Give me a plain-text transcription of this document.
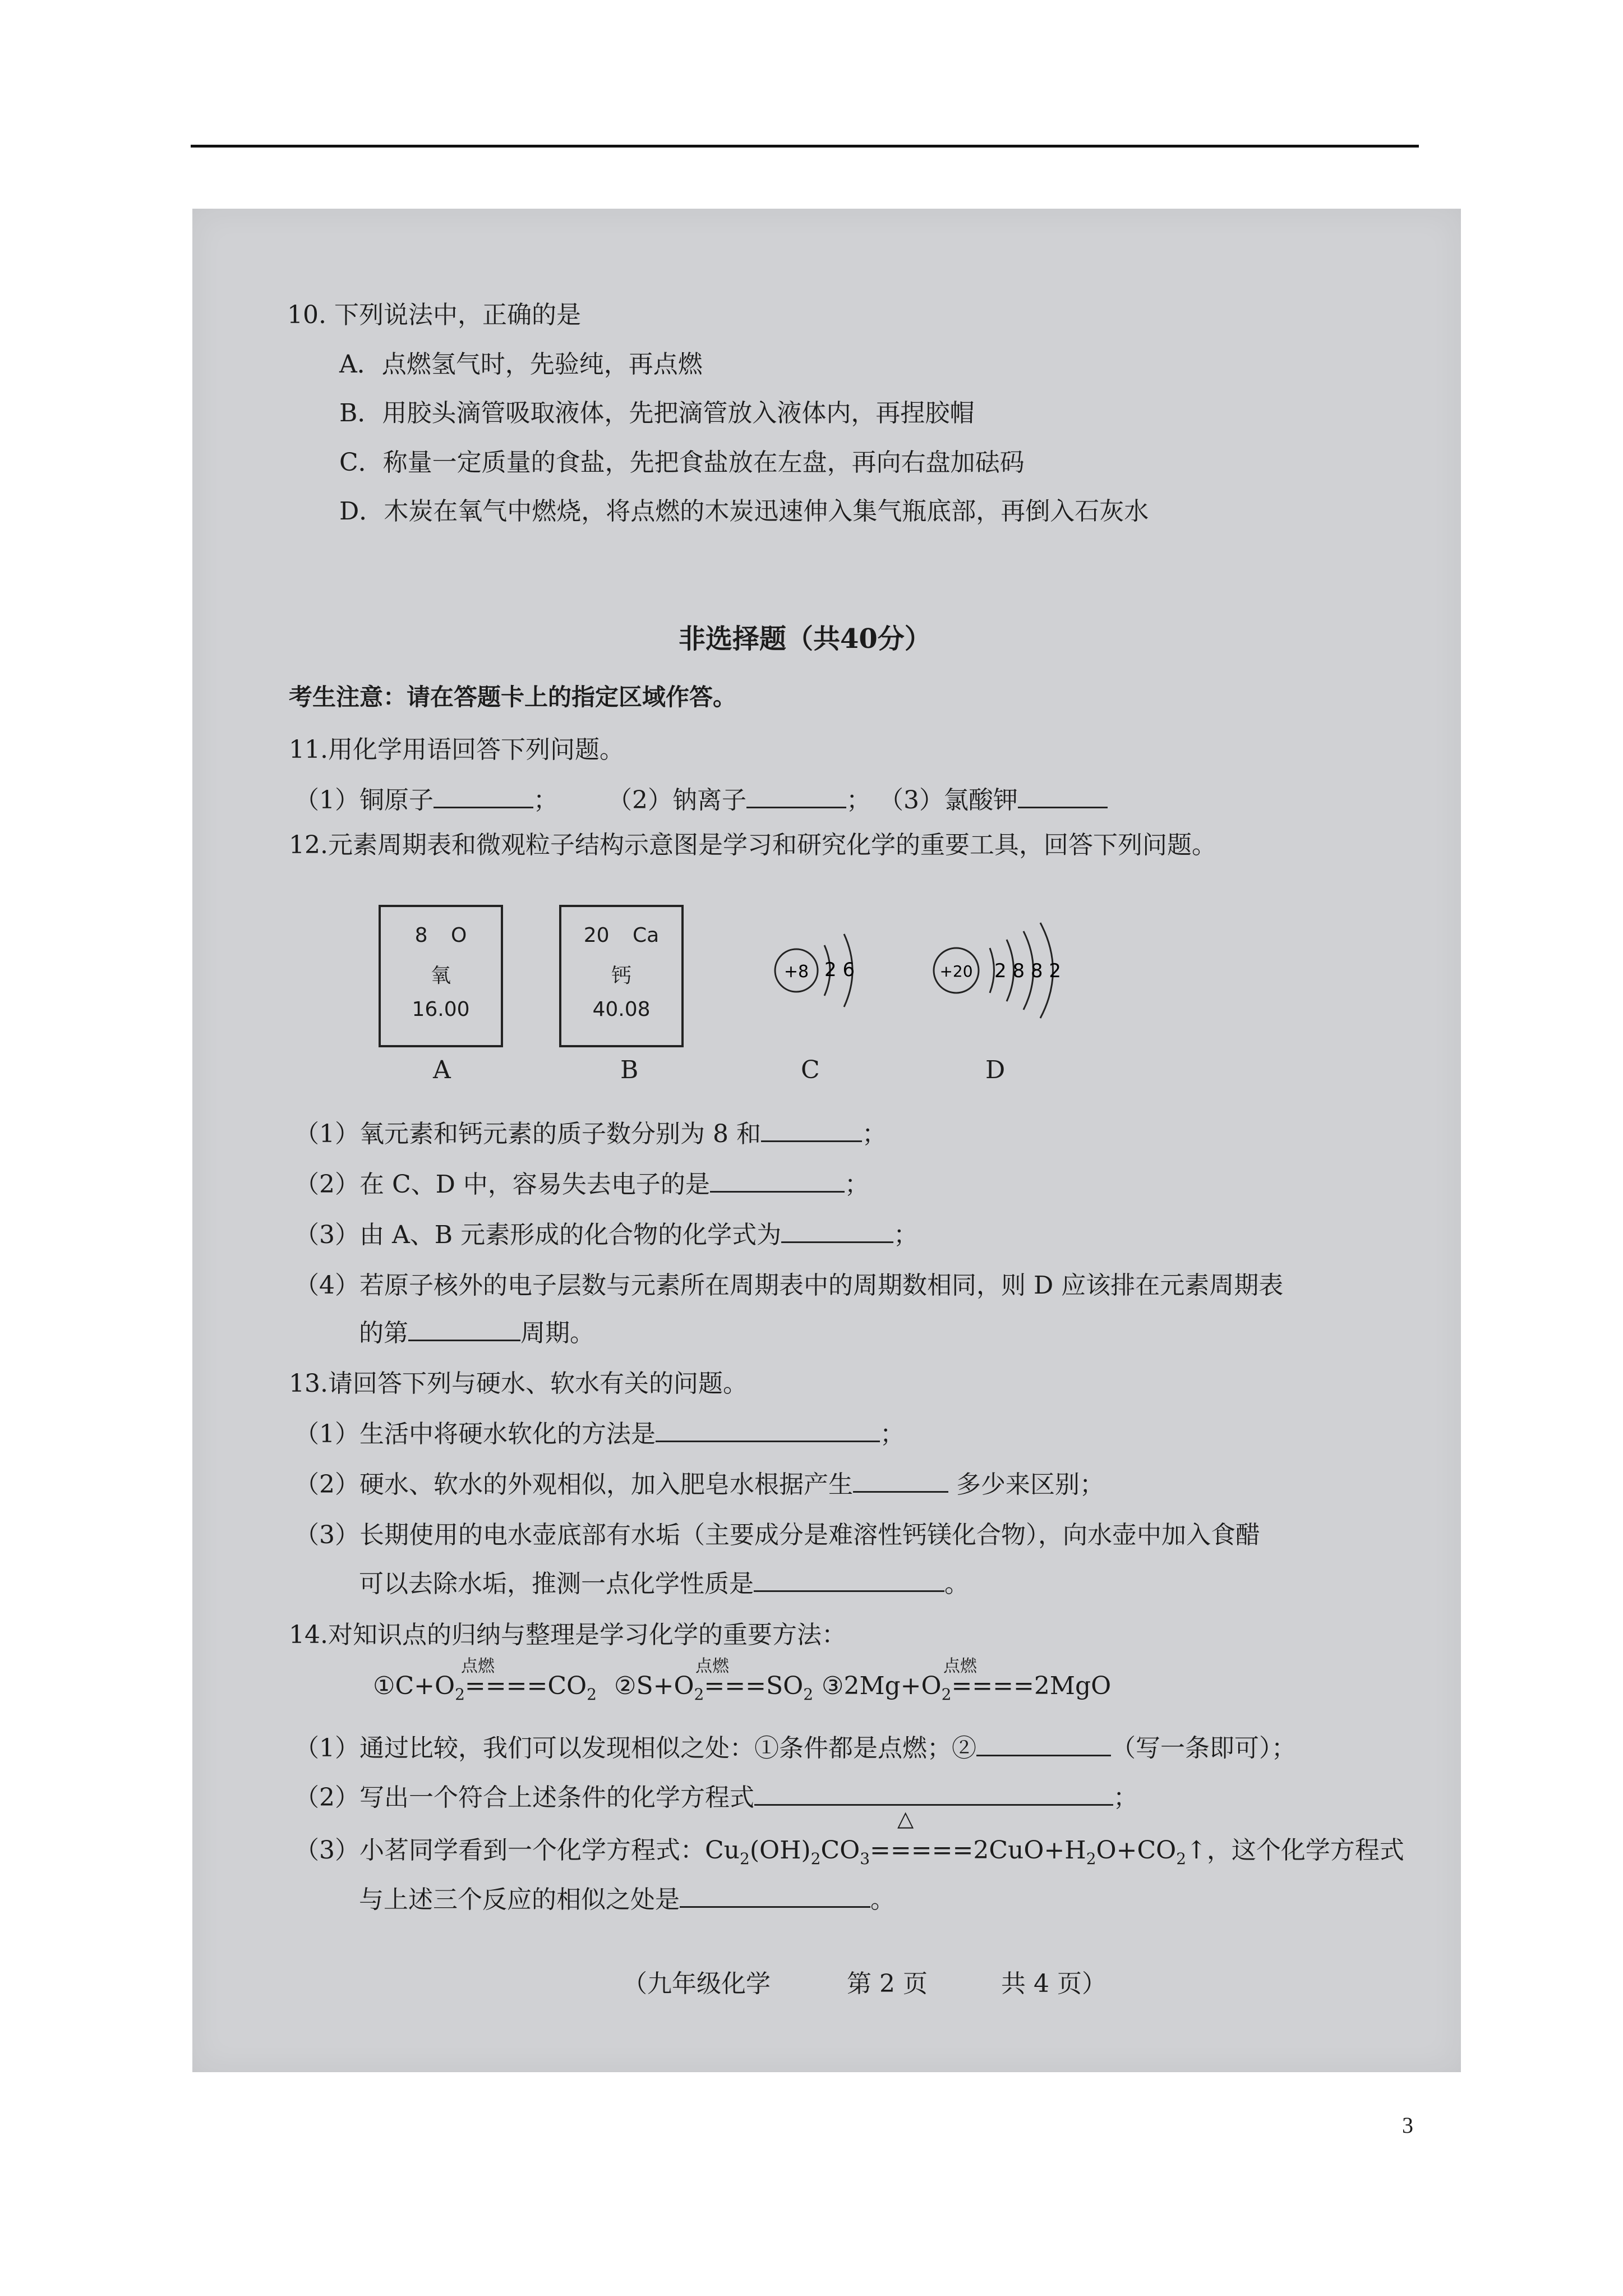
10. 下列说法中，正确的是
A．点燃氢气时，先验纯，再点燃
B．用胶头滴管吸取液体，先把滴管放入液体内，再捏胶帽
C．称量一定质量的食盐，先把食盐放在左盘，再向右盘加砝码
D．木炭在氧气中燃烧，将点燃的木炭迅速伸入集气瓶底部，再倒入石灰水
非选择题（共40分）
考生注意：请在答题卡上的指定区域作答。
11.用化学用语回答下列问题。
（1）铜原子	； （2）钠离子	； （3）氯酸钾
12.元素周期表和微观粒子结构示意图是学习和研究化学的重要工具，回答下列问题。
8 O
氧
16.00
20 Ca
钙
40.08
+8 2 6	+20 2 8 8 2
A	B	C	D
（1）氧元素和钙元素的质子数分别为 8 和	；
（2）在 C、D 中，容易失去电子的是	；
（3）由 A、B 元素形成的化合物的化学式为	；
（4）若原子核外的电子层数与元素所在周期表中的周期数相同，则 D 应该排在元素周期表
的第	周期。
13.请回答下列与硬水、软水有关的问题。
（1）生活中将硬水软化的方法是	；
（2）硬水、软水的外观相似，加入肥皂水根据产生	多少来区别；
（3）长期使用的电水壶底部有水垢（主要成分是难溶性钙镁化合物），向水壶中加入食醋
可以去除水垢，推测一点化学性质是	。
14.对知识点的归纳与整理是学习化学的重要方法：
点燃
$①C+O_2====CO_2$
点燃
$②S+O_2===SO_2$
点燃
$③2Mg+O_2====2MgO$
（1）通过比较，我们可以发现相似之处：①条件都是点燃；②	（写一条即可）；
（2）写出一个符合上述条件的化学方程式	；
△
（3）小茗同学看到一个化学方程式：$Cu_2(OH)_2CO_3=====2CuO+H_2O+CO_2↑$，这个化学方程式
与上述三个反应的相似之处是	。
（九年级化学	第 2 页	共 4 页）
3
